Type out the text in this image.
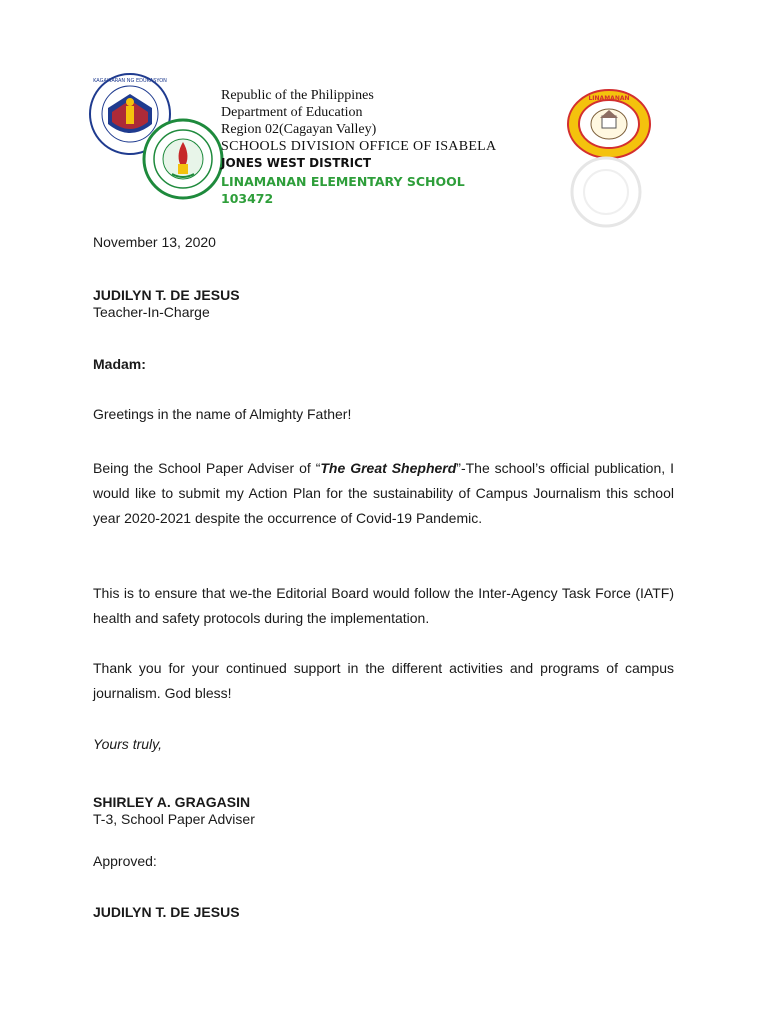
KAGAWARAN NG EDUKASYON
LINAMANAN
Republic of the Philippines
Department of Education
Region 02(Cagayan Valley)
SCHOOLS DIVISION OFFICE OF ISABELA
JONES WEST DISTRICT
LINAMANAN ELEMENTARY SCHOOL
103472
November 13, 2020
JUDILYN T. DE JESUS
Teacher-In-Charge
Madam:
Greetings in the name of Almighty Father!
Being the School Paper Adviser of “The Great Shepherd”-The school’s official publication, I would like to submit my Action Plan for the sustainability of Campus Journalism this school year 2020-2021 despite the occurrence of Covid-19 Pandemic.
This is to ensure that we-the Editorial Board would follow the Inter-Agency Task Force (IATF) health and safety protocols during the implementation.
Thank you for your continued support in the different activities and programs of campus journalism. God bless!
Yours truly,
SHIRLEY A. GRAGASIN
T-3, School Paper Adviser
Approved:
JUDILYN T. DE JESUS
